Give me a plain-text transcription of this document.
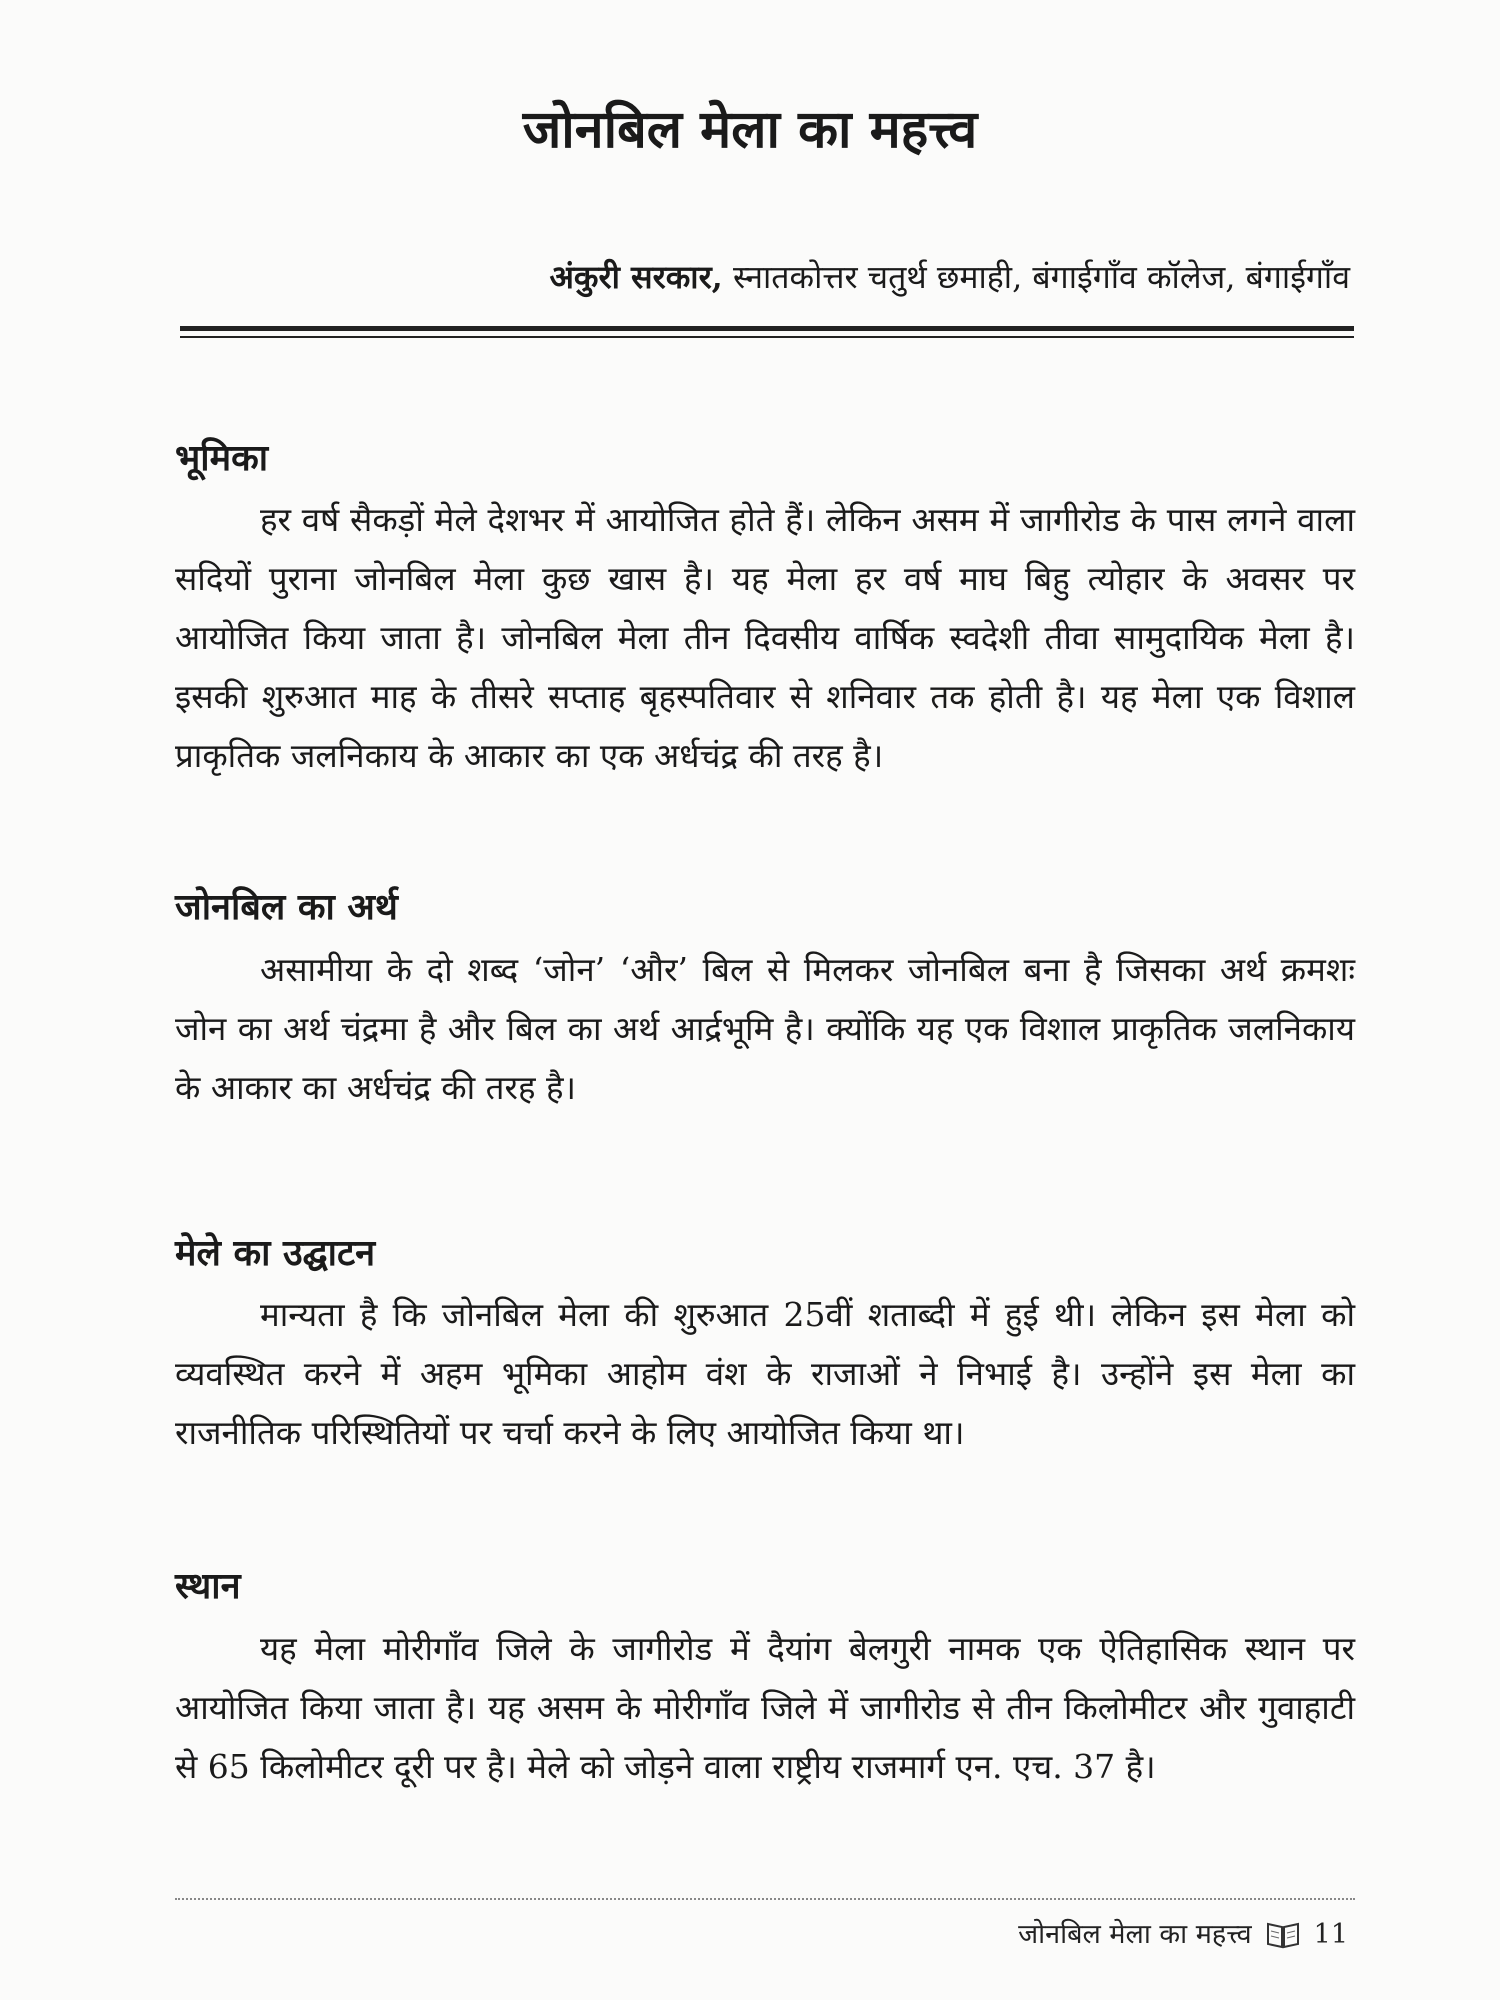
जोनबिल मेला का महत्त्व
अंकुरी सरकार, स्नातकोत्तर चतुर्थ छमाही, बंगाईगाँव कॉलेज, बंगाईगाँव
भूमिका

हर वर्ष सैकड़ों मेले देशभर में आयोजित होते हैं। लेकिन असम में जागीरोड के पास लगने वाला सदियों पुराना जोनबिल मेला कुछ खास है। यह मेला हर वर्ष माघ बिहु त्योहार के अवसर पर आयोजित किया जाता है। जोनबिल मेला तीन दिवसीय वार्षिक स्वदेशी तीवा सामुदायिक मेला है। इसकी शुरुआत माह के तीसरे सप्ताह बृहस्पतिवार से शनिवार तक होती है। यह मेला एक विशाल प्राकृतिक जलनिकाय के आकार का एक अर्धचंद्र की तरह है।

जोनबिल का अर्थ

असामीया के दो शब्द ‘जोन’ ‘और’ बिल से मिलकर जोनबिल बना है जिसका अर्थ क्रमशः जोन का अर्थ चंद्रमा है और बिल का अर्थ आर्द्रभूमि है। क्योंकि यह एक विशाल प्राकृतिक जलनिकाय के आकार का अर्धचंद्र की तरह है।

मेले का उद्घाटन

मान्यता है कि जोनबिल मेला की शुरुआत 25वीं शताब्दी में हुई थी। लेकिन इस मेला को व्यवस्थित करने में अहम भूमिका आहोम वंश के राजाओं ने निभाई है। उन्होंने इस मेला का राजनीतिक परिस्थितियों पर चर्चा करने के लिए आयोजित किया था।

स्थान

यह मेला मोरीगाँव जिले के जागीरोड में दैयांग बेलगुरी नामक एक ऐतिहासिक स्थान पर आयोजित किया जाता है। यह असम के मोरीगाँव जिले में जागीरोड से तीन किलोमीटर और गुवाहाटी से 65 किलोमीटर दूरी पर है। मेले को जोड़ने वाला राष्ट्रीय राजमार्ग एन. एच. 37 है।

जोनबिल मेला का महत्त्व 11
